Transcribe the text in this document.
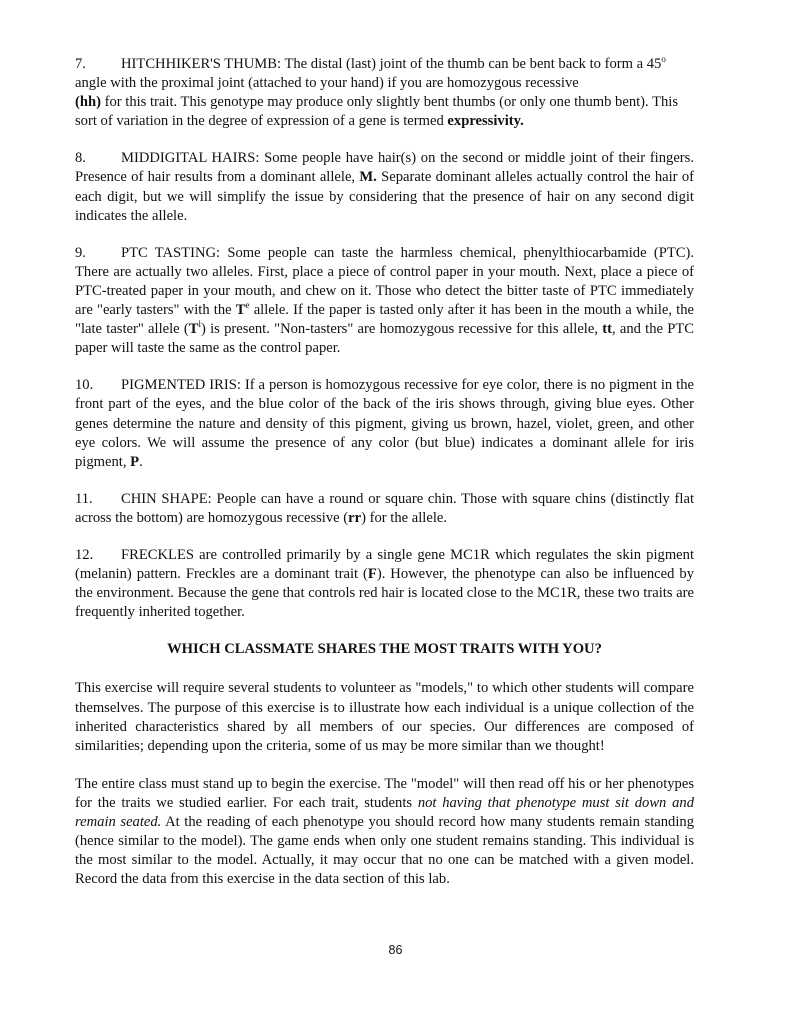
7. HITCHHIKER'S THUMB: The distal (last) joint of the thumb can be bent back to form a 45$^o$ angle with the proximal joint (attached to your hand) if you are homozygous recessive
(hh) for this trait. This genotype may produce only slightly bent thumbs (or only one thumb bent). This sort of variation in the degree of expression of a gene is termed expressivity.

8. MIDDIGITAL HAIRS: Some people have hair(s) on the second or middle joint of their fingers. Presence of hair results from a dominant allele, M. Separate dominant alleles actually control the hair of each digit, but we will simplify the issue by considering that the presence of hair on any second digit indicates the allele.

9. PTC TASTING: Some people can taste the harmless chemical, phenylthiocarbamide (PTC). There are actually two alleles. First, place a piece of control paper in your mouth. Next, place a piece of PTC-treated paper in your mouth, and chew on it. Those who detect the bitter taste of PTC immediately are "early tasters" with the $T^e$ allele. If the paper is tasted only after it has been in the mouth a while, the "late taster" allele $(T^l)$ is present. "Non-tasters" are homozygous recessive for this allele, tt, and the PTC paper will taste the same as the control paper.

10. PIGMENTED IRIS: If a person is homozygous recessive for eye color, there is no pigment in the front part of the eyes, and the blue color of the back of the iris shows through, giving blue eyes. Other genes determine the nature and density of this pigment, giving us brown, hazel, violet, green, and other eye colors. We will assume the presence of any color (but blue) indicates a dominant allele for iris pigment, P.

11. CHIN SHAPE: People can have a round or square chin. Those with square chins (distinctly flat across the bottom) are homozygous recessive (rr) for the allele.

12. FRECKLES are controlled primarily by a single gene MC1R which regulates the skin pigment (melanin) pattern. Freckles are a dominant trait (F). However, the phenotype can also be influenced by the environment. Because the gene that controls red hair is located close to the MC1R, these two traits are frequently inherited together.

WHICH CLASSMATE SHARES THE MOST TRAITS WITH YOU?

This exercise will require several students to volunteer as "models," to which other students will compare themselves. The purpose of this exercise is to illustrate how each individual is a unique collection of the inherited characteristics shared by all members of our species. Our differences are composed of similarities; depending upon the criteria, some of us may be more similar than we thought!

The entire class must stand up to begin the exercise. The "model" will then read off his or her phenotypes for the traits we studied earlier. For each trait, students not having that phenotype must sit down and remain seated. At the reading of each phenotype you should record how many students remain standing (hence similar to the model). The game ends when only one student remains standing. This individual is the most similar to the model. Actually, it may occur that no one can be matched with a given model. Record the data from this exercise in the data section of this lab.

86
